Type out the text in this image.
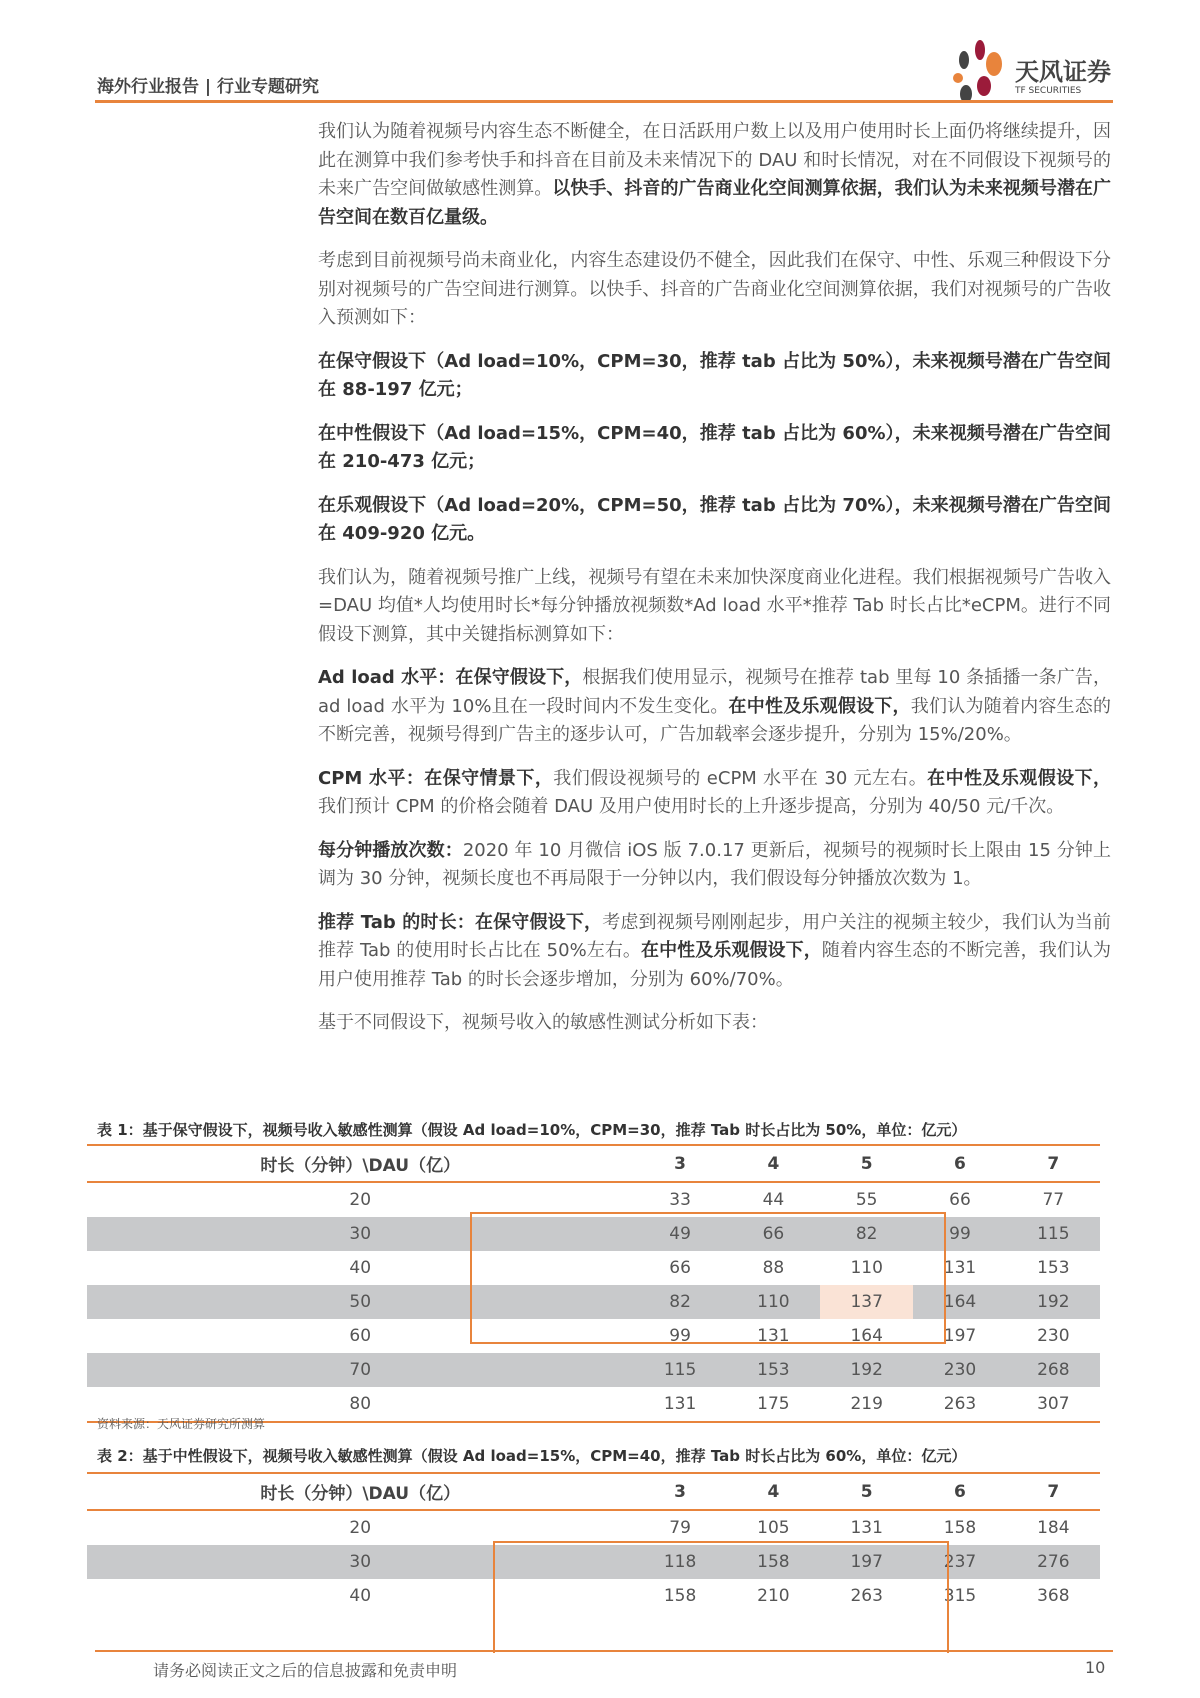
海外行业报告 | 行业专题研究
天风证券
TF SECURITIES

我们认为随着视频号内容生态不断健全，在日活跃用户数上以及用户使用时长上面仍将继续提升，因此在测算中我们参考快手和抖音在目前及未来情况下的 DAU 和时长情况，对在不同假设下视频号的未来广告空间做敏感性测算。以快手、抖音的广告商业化空间测算依据，我们认为未来视频号潜在广告空间在数百亿量级。

考虑到目前视频号尚未商业化，内容生态建设仍不健全，因此我们在保守、中性、乐观三种假设下分别对视频号的广告空间进行测算。以快手、抖音的广告商业化空间测算依据，我们对视频号的广告收入预测如下：

在保守假设下（Ad load=10%，CPM=30，推荐 tab 占比为 50%），未来视频号潜在广告空间在 88-197 亿元；

在中性假设下（Ad load=15%，CPM=40，推荐 tab 占比为 60%），未来视频号潜在广告空间在 210-473 亿元；

在乐观假设下（Ad load=20%，CPM=50，推荐 tab 占比为 70%），未来视频号潜在广告空间在 409-920 亿元。

我们认为，随着视频号推广上线，视频号有望在未来加快深度商业化进程。我们根据视频号广告收入=DAU 均值*人均使用时长*每分钟播放视频数*Ad load 水平*推荐 Tab 时长占比*eCPM。进行不同假设下测算，其中关键指标测算如下：

Ad load 水平：在保守假设下，根据我们使用显示，视频号在推荐 tab 里每 10 条插播一条广告，ad load 水平为 10%且在一段时间内不发生变化。在中性及乐观假设下，我们认为随着内容生态的不断完善，视频号得到广告主的逐步认可，广告加载率会逐步提升，分别为 15%/20%。

CPM 水平：在保守情景下，我们假设视频号的 eCPM 水平在 30 元左右。在中性及乐观假设下，我们预计 CPM 的价格会随着 DAU 及用户使用时长的上升逐步提高，分别为 40/50 元/千次。

每分钟播放次数：2020 年 10 月微信 iOS 版 7.0.17 更新后，视频号的视频时长上限由 15 分钟上调为 30 分钟，视频长度也不再局限于一分钟以内，我们假设每分钟播放次数为 1。

推荐 Tab 的时长：在保守假设下，考虑到视频号刚刚起步，用户关注的视频主较少，我们认为当前推荐 Tab 的使用时长占比在 50%左右。在中性及乐观假设下，随着内容生态的不断完善，我们认为用户使用推荐 Tab 的时长会逐步增加，分别为 60%/70%。

基于不同假设下，视频号收入的敏感性测试分析如下表：

表 1：基于保守假设下，视频号收入敏感性测算（假设 Ad load=10%，CPM=30，推荐 Tab 时长占比为 50%，单位：亿元）
时长（分钟）\DAU（亿）	3	4	5	6	7
20	33	44	55	66	77
30	49	66	82	99	115
40	66	88	110	131	153
50	82	110	137	164	192
60	99	131	164	197	230
70	115	153	192	230	268
80	131	175	219	263	307
资料来源：天风证券研究所测算
表 2：基于中性假设下，视频号收入敏感性测算（假设 Ad load=15%，CPM=40，推荐 Tab 时长占比为 60%，单位：亿元）
时长（分钟）\DAU（亿）	3	4	5	6	7
20	79	105	131	158	184
30	118	158	197	237	276
40	158	210	263	315	368
请务必阅读正文之后的信息披露和免责申明	10
